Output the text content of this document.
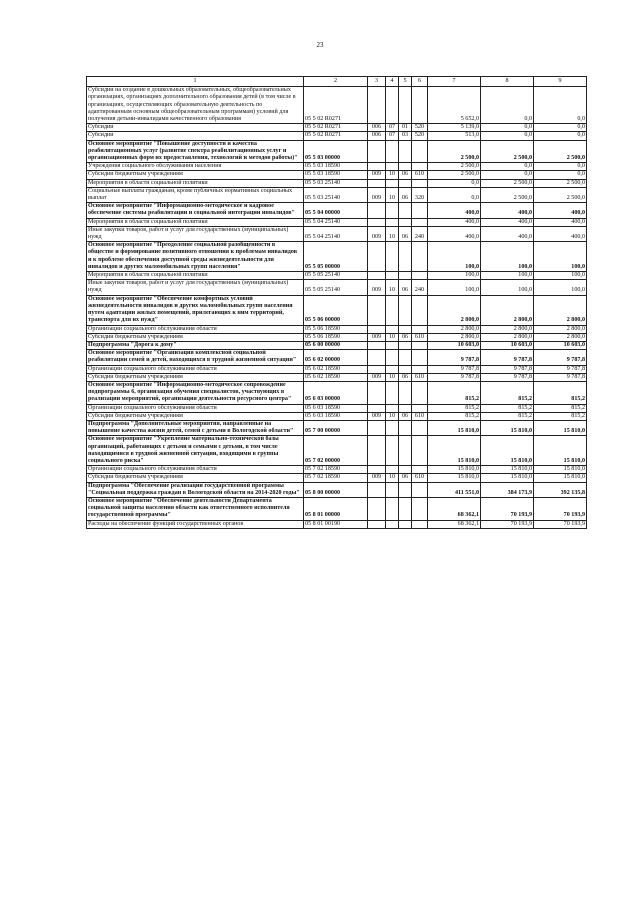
23
1	2	3	4	5	6	7	8	9
Субсидии на создание в дошкольных образовательных, общеобразовательных организациях, организациях дополнительного образования детей (в том числе в организациях, осуществляющих образовательную деятельность по адаптированным основным общеобразовательным программам) условий для получения детьми-инвалидами качественного образования	05 5 02 R0271					5 652,0	0,0	0,0
Субсидии	05 5 02 R0271	006	07	01	520	5 139,0	0,0	0,0
Субсидии	05 5 02 R0271	006	07	03	520	513,0	0,0	0,0
Основное мероприятие "Повышение доступности и качества реабилитационных услуг (развитие спектра реабилитационных услуг и организационных форм их предоставления, технологий и методов работы)"	05 5 03 00000					2 500,0	2 500,0	2 500,0
Учреждения социального обслуживания населения	05 5 03 18590					2 500,0	0,0	0,0
Субсидии бюджетным учреждениям	05 5 03 18590	009	10	06	610	2 500,0	0,0	0,0
Мероприятия в области социальной политики	05 5 03 25140					0,0	2 500,0	2 500,0
Социальные выплаты гражданам, кроме публичных нормативных социальных выплат	05 5 03 25140	009	10	06	320	0,0	2 500,0	2 500,0
Основное мероприятие "Информационно-методическое и кадровое обеспечение системы реабилитации и социальной интеграции инвалидов"	05 5 04 00000					400,0	400,0	400,0
Мероприятия в области социальной политики	05 5 04 25140					400,0	400,0	400,0
Иные закупки товаров, работ и услуг для государственных (муниципальных) нужд	05 5 04 25140	009	10	06	240	400,0	400,0	400,0
Основное мероприятие "Преодоление социальной разобщенности в обществе и формирование позитивного отношения к проблемам инвалидов и к проблеме обеспечения доступной среды жизнедеятельности для инвалидов и других маломобильных групп населения"	05 5 05 00000					100,0	100,0	100,0
Мероприятия в области социальной политики	05 5 05 25140					100,0	100,0	100,0
Иные закупки товаров, работ и услуг для государственных (муниципальных) нужд	05 5 05 25140	009	10	06	240	100,0	100,0	100,0
Основное мероприятие "Обеспечение комфортных условий жизнедеятельности инвалидов и других маломобильных групп населения путем адаптации жилых помещений, прилегающих к ним территорий, транспорта для их нужд"	05 5 06 00000					2 800,0	2 800,0	2 800,0
Организации социального обслуживания области	05 5 06 18590					2 800,0	2 800,0	2 800,0
Субсидии бюджетным учреждениям	05 5 06 18590	009	10	06	610	2 800,0	2 800,0	2 800,0
Подпрограмма "Дорога к дому"	05 6 00 00000					10 603,0	10 603,0	10 603,0
Основное мероприятие "Организация комплексной социальной реабилитации семей и детей, находящихся в трудной жизненной ситуации"	05 6 02 00000					9 787,8	9 787,8	9 787,8
Организации социального обслуживания области	05 6 02 18590					9 787,8	9 787,8	9 787,8
Субсидии бюджетным учреждениям	05 6 02 18590	009	10	06	610	9 787,8	9 787,8	9 787,8
Основное мероприятие "Информационно-методическое сопровождение подпрограммы 6, организация обучения специалистов, участвующих в реализации мероприятий, организация деятельности ресурсного центра"	05 6 03 00000					815,2	815,2	815,2
Организации социального обслуживания области	05 6 03 18590					815,2	815,2	815,2
Субсидии бюджетным учреждениям	05 6 03 18590	009	10	06	610	815,2	815,2	815,2
Подпрограмма "Дополнительные мероприятия, направленные на повышение качества жизни детей, семей с детьми в Вологодской области"	05 7 00 00000					15 810,0	15 810,0	15 810,0
Основное мероприятие "Укрепление материально-технической базы организаций, работающих с детьми и семьями с детьми, в том числе находящимися в трудной жизненной ситуации, входящими в группы социального риска"	05 7 02 00000					15 810,0	15 810,0	15 810,0
Организации социального обслуживания области	05 7 02 18590					15 810,0	15 810,0	15 810,0
Субсидии бюджетным учреждениям	05 7 02 18590	009	10	06	610	15 810,0	15 810,0	15 810,0
Подпрограмма "Обеспечение реализации государственной программы "Социальная поддержка граждан в Вологодской области на 2014-2020 годы"	05 8 00 00000					411 551,0	384 173,9	392 135,8
Основное мероприятие "Обеспечение деятельности Департамента социальной защиты населения области как ответственного исполнителя государственной программы"	05 8 01 00000					68 362,1	70 193,9	70 193,9
Расходы на обеспечение функций государственных органов	05 8 01 00190					68 362,1	70 193,9	70 193,9
